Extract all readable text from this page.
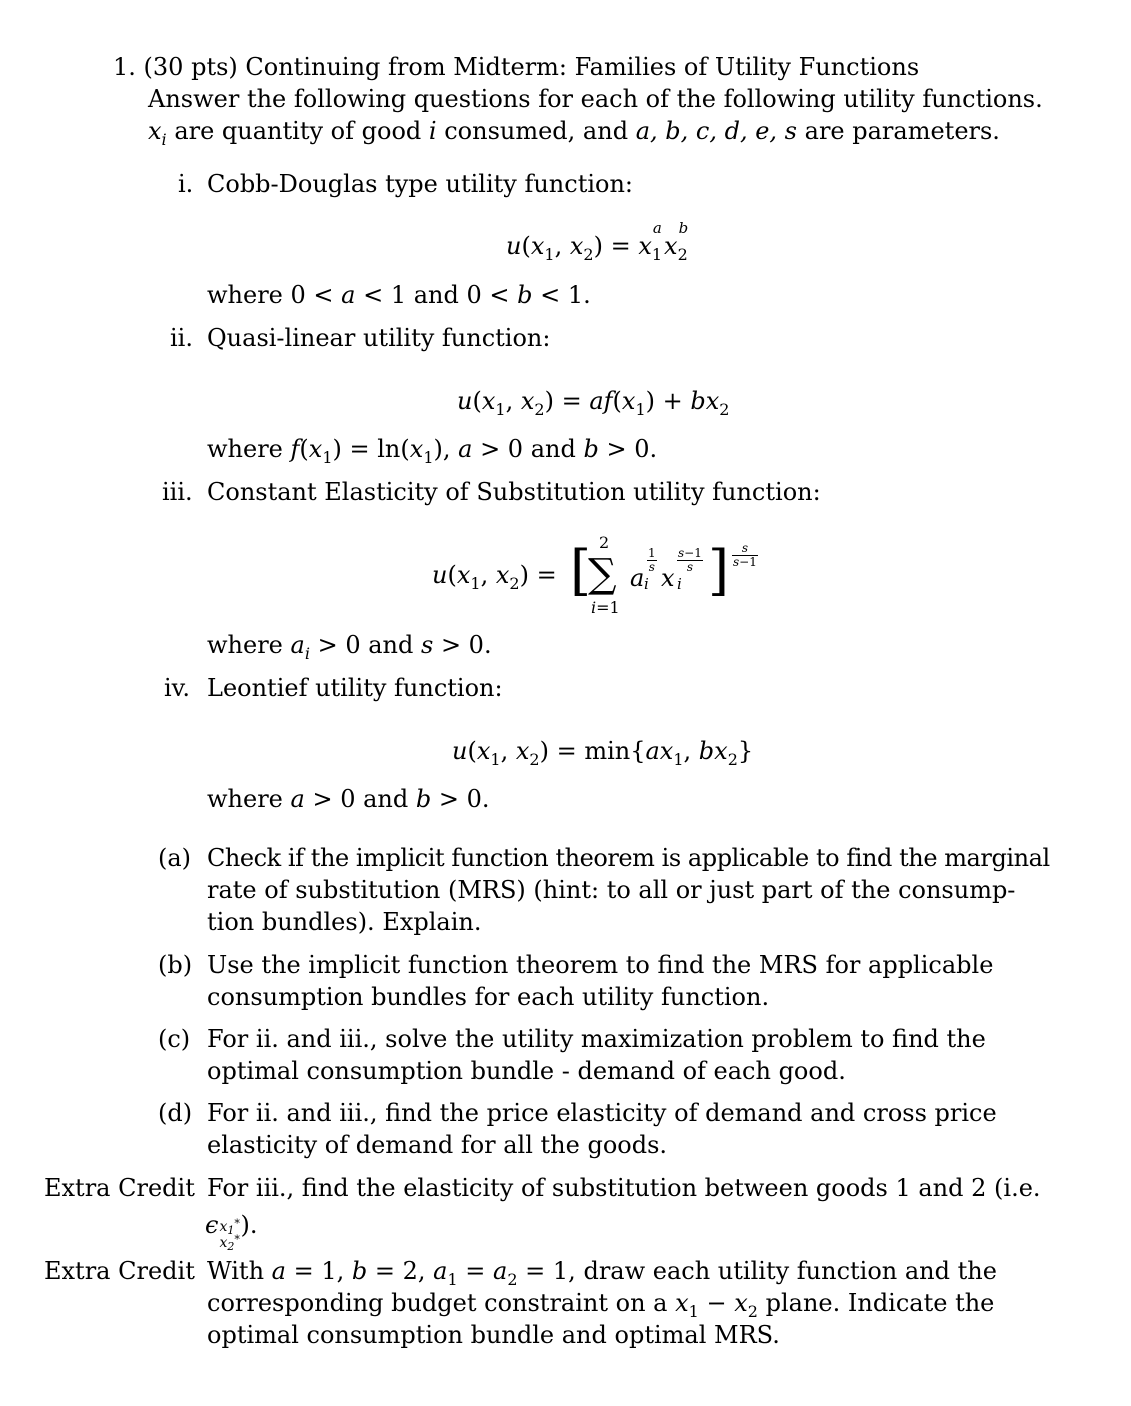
1. (30 pts) Continuing from Midterm: Families of Utility Functions
Answer the following questions for each of the following utility functions.
$x_i$ are quantity of good i consumed, and a, b, c, d, e, s are parameters.
i. Cobb-Douglas type utility function:
$u(x_1$, $x_2) = x$
a
$_1$x
b
$_2$
where 0 < a < 1 and 0 < b < 1.
ii. Quasi-linear utility function:
$u(x_1$, $x_2) = af(x_1) + bx_2$
where $f(x_1) = \ln(x_1)$, a > 0 and b > 0.
iii. Constant Elasticity of Substitution utility function:
$u(x_1$, $x_2$) = [ 2
∑
i=1
a
$\frac{1}{s}$
i x
$\frac{s-1}{s}$
i ] $\frac{s}{s-1}$
where $a_i > 0$ and s > 0.
iv. Leontief utility function:
$u(x_1$, $x_2) = \min\{ax_1$, $bx_2$}
where a > 0 and b > 0.
(a) Check if the implicit function theorem is applicable to find the marginal
rate of substitution (MRS) (hint: to all or just part of the consump-
tion bundles). Explain.
(b) Use the implicit function theorem to find the MRS for applicable
consumption bundles for each utility function.
(c) For ii. and iii., solve the utility maximization problem to find the
optimal consumption bundle - demand of each good.
(d) For ii. and iii., find the price elasticity of demand and cross price
elasticity of demand for all the goods.
Extra Credit For iii., find the elasticity of substitution between goods 1 and 2 (i.e.
ϵ $x_1^*$
$x_2^*$
).
Extra Credit With a = 1, b = 2, $a_1 = a_2 = 1$, draw each utility function and the
corresponding budget constraint on a $x_1 - x_2$ plane. Indicate the
optimal consumption bundle and optimal MRS.
